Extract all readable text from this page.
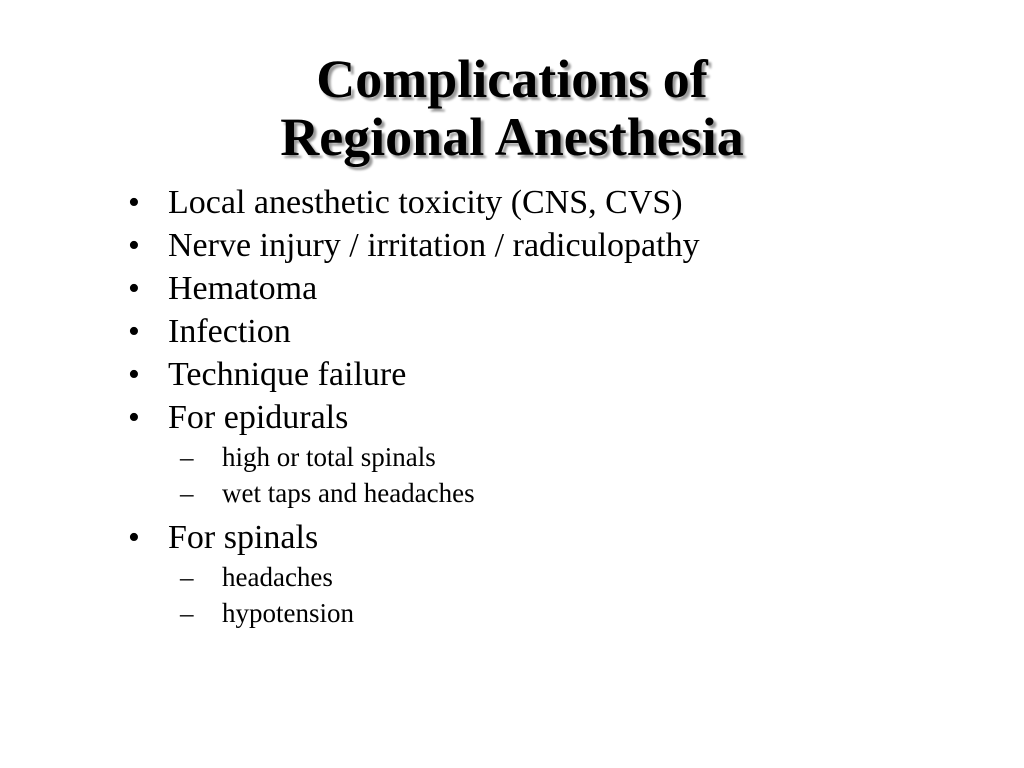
Complications of
Regional Anesthesia
• Local anesthetic toxicity (CNS, CVS)
• Nerve injury / irritation / radiculopathy
• Hematoma
• Infection
• Technique failure
• For epidurals
– high or total spinals
– wet taps and headaches
• For spinals
– headaches
– hypotension
